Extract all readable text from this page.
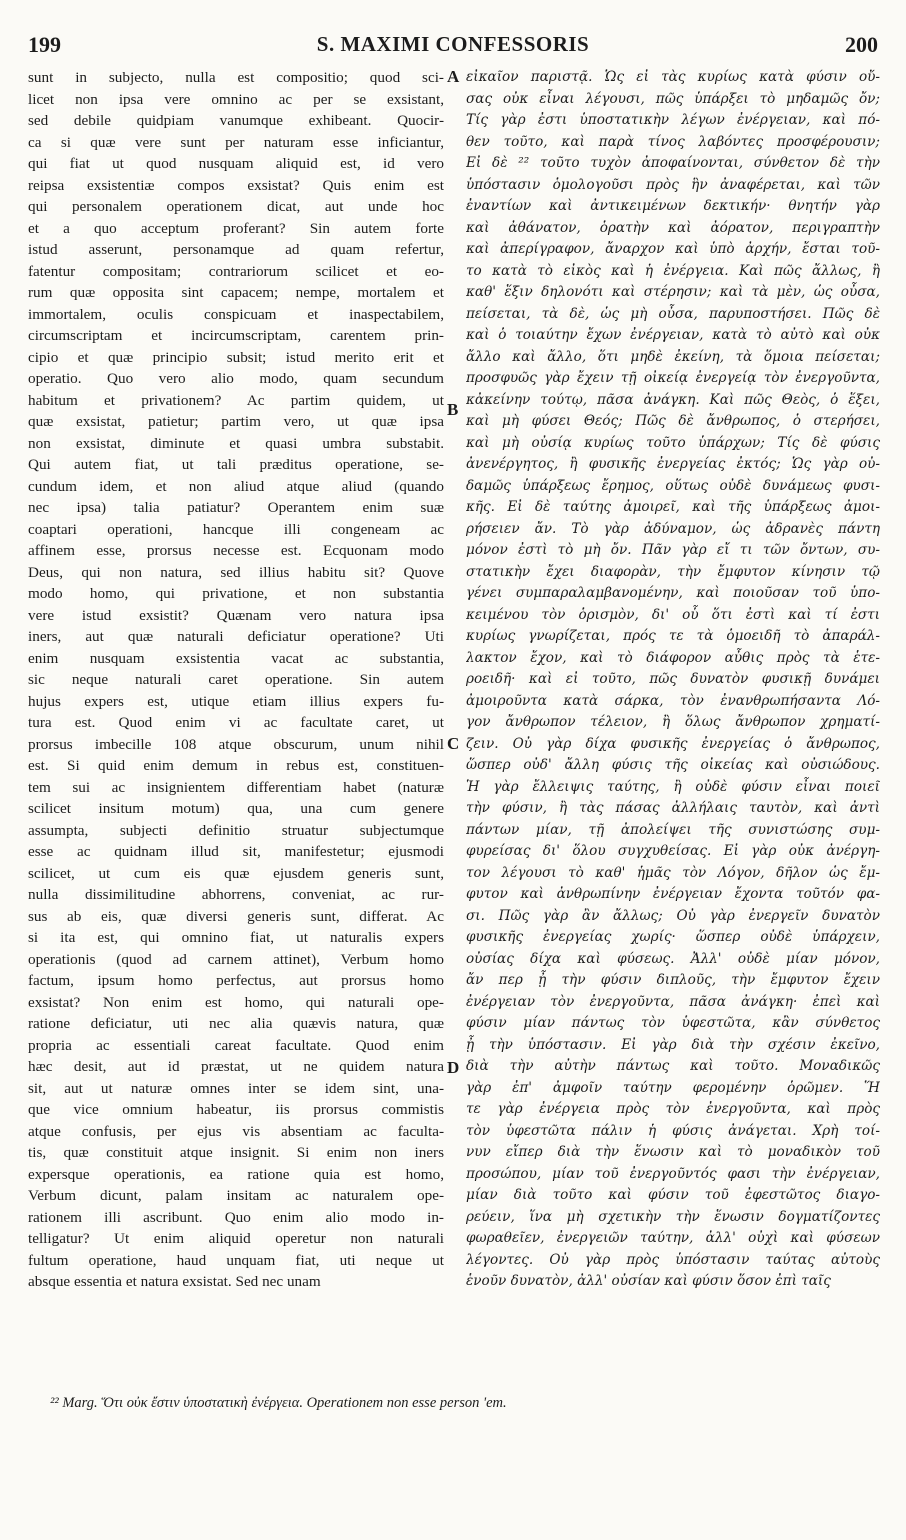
199	S. MAXIMI CONFESSORIS	200
sunt in subjecto, nulla est compositio; quod sci-
licet non ipsa vere omnino ac per se exsistant,
sed debile quidpiam vanumque exhibeant. Quocir-
ca si quæ vere sunt per naturam esse inficiantur,
qui fiat ut quod nusquam aliquid est, id vero
reipsa exsistentiæ compos exsistat? Quis enim est
qui personalem operationem dicat, aut unde hoc
et a quo acceptum proferant? Sin autem forte
istud asserunt, personamque ad quam refertur,
fatentur compositam; contrariorum scilicet et eo-
rum quæ opposita sint capacem; nempe, mortalem et
immortalem, oculis conspicuam et inaspectabilem,
circumscriptam et incircumscriptam, carentem prin-
cipio et quæ principio subsit; istud merito erit et
operatio. Quo vero alio modo, quam secundum
habitum et privationem? Ac partim quidem, ut
quæ exsistat, patietur; partim vero, ut quæ ipsa
non exsistat, diminute et quasi umbra substabit.
Qui autem fiat, ut tali præditus operatione, se-
cundum idem, et non aliud atque aliud (quando
nec ipsa) talia patiatur? Operantem enim suæ
coaptari operationi, hancque illi congeneam ac
affinem esse, prorsus necesse est. Ecquonam modo
Deus, qui non natura, sed illius habitu sit? Quove
modo homo, qui privatione, et non substantia
vere istud exsistit? Quænam vero natura ipsa
iners, aut quæ naturali deficiatur operatione? Uti
enim nusquam exsistentia vacat ac substantia,
sic neque naturali caret operatione. Sin autem
hujus expers est, utique etiam illius expers fu-
tura est. Quod enim vi ac facultate caret, ut
prorsus imbecille 108 atque obscurum, unum nihil
est. Si quid enim demum in rebus est, constituen-
tem sui ac insignientem differentiam habet (naturæ
scilicet insitum motum) qua, una cum genere
assumpta, subjecti definitio struatur subjectumque
esse ac quidnam illud sit, manifestetur; ejusmodi
scilicet, ut cum eis quæ ejusdem generis sunt,
nulla dissimilitudine abhorrens, conveniat, ac rur-
sus ab eis, quæ diversi generis sunt, differat. Ac
si ita est, qui omnino fiat, ut naturalis expers
operationis (quod ad carnem attinet), Verbum homo
factum, ipsum homo perfectus, aut prorsus homo
exsistat? Non enim est homo, qui naturali ope-
ratione deficiatur, uti nec alia quævis natura, quæ
propria ac essentiali careat facultate. Quod enim
hæc desit, aut id præstat, ut ne quidem natura
sit, aut ut naturæ omnes inter se idem sint, una-
que vice omnium habeatur, iis prorsus commistis
atque confusis, per ejus vis absentiam ac faculta-
tis, quæ constituit atque insignit. Si enim non iners
expersque operationis, ea ratione quia est homo,
Verbum dicunt, palam insitam ac naturalem ope-
rationem illi ascribunt. Quo enim alio modo in-
telligatur? Ut enim aliquid operetur non naturali
fultum operatione, haud unquam fiat, uti neque ut
absque essentia et natura exsistat. Sed nec unam
A
B
C
D
εἰκαῖον παριστᾷ. Ὡς εἰ τὰς κυρίως κατὰ φύσιν οὔ-
σας οὐκ εἶναι λέγουσι, πῶς ὑπάρξει τὸ μηδαμῶς ὄν;
Τίς γὰρ ἐστι ὑποστατικὴν λέγων ἐνέργειαν, καὶ πό-
θεν τοῦτο, καὶ παρὰ τίνος λαβόντες προσφέρουσιν;
Εἰ δὲ ²² τοῦτο τυχὸν ἀποφαίνονται, σύνθετον δὲ τὴν
ὑπόστασιν ὁμολογοῦσι πρὸς ἣν ἀναφέρεται, καὶ τῶν
ἐναντίων καὶ ἀντικειμένων δεκτικήν· θνητήν γὰρ
καὶ ἀθάνατον, ὁρατὴν καὶ ἀόρατον, περιγραπτὴν
καὶ ἀπερίγραφον, ἄναρχον καὶ ὑπὸ ἀρχήν, ἔσται τοῦ-
το κατὰ τὸ εἰκὸς καὶ ἡ ἐνέργεια. Καὶ πῶς ἄλλως, ἢ
καθ' ἕξιν δηλονότι καὶ στέρησιν; καὶ τὰ μὲν, ὡς οὖσα,
πείσεται, τὰ δὲ, ὡς μὴ οὖσα, παρυποστήσει. Πῶς δὲ
καὶ ὁ τοιαύτην ἔχων ἐνέργειαν, κατὰ τὸ αὐτὸ καὶ οὐκ
ἄλλο καὶ ἄλλο, ὅτι μηδὲ ἐκείνη, τὰ ὅμοια πείσεται;
προσφυῶς γὰρ ἔχειν τῇ οἰκείᾳ ἐνεργείᾳ τὸν ἐνεργοῦντα,
κἀκείνην τούτῳ, πᾶσα ἀνάγκη. Καὶ πῶς Θεὸς, ὁ ἕξει,
καὶ μὴ φύσει Θεός; Πῶς δὲ ἄνθρωπος, ὁ στερήσει,
καὶ μὴ οὐσίᾳ κυρίως τοῦτο ὑπάρχων; Τίς δὲ φύσις
ἀνενέργητος, ἢ φυσικῆς ἐνεργείας ἐκτός; Ὡς γὰρ οὐ-
δαμῶς ὑπάρξεως ἔρημος, οὕτως οὐδὲ δυνάμεως φυσι-
κῆς. Εἰ δὲ ταύτης ἀμοιρεῖ, καὶ τῆς ὑπάρξεως ἀμοι-
ρήσειεν ἄν. Τὸ γὰρ ἀδύναμον, ὡς ἀδρανὲς πάντη
μόνον ἐστὶ τὸ μὴ ὄν. Πᾶν γὰρ εἴ τι τῶν ὄντων, συ-
στατικὴν ἔχει διαφορὰν, τὴν ἔμφυτον κίνησιν τῷ
γένει συμπαραλαμβανομένην, καὶ ποιοῦσαν τοῦ ὑπο-
κειμένου τὸν ὁρισμὸν, δι' οὗ ὅτι ἐστὶ καὶ τί ἐστι
κυρίως γνωρίζεται, πρός τε τὰ ὁμοειδῆ τὸ ἀπαράλ-
λακτον ἔχον, καὶ τὸ διάφορον αὖθις πρὸς τὰ ἑτε-
ροειδῆ· καὶ εἰ τοῦτο, πῶς δυνατὸν φυσικῇ δυνάμει
ἀμοιροῦντα κατὰ σάρκα, τὸν ἐνανθρωπήσαντα Λό-
γον ἄνθρωπον τέλειον, ἢ ὅλως ἄνθρωπον χρηματί-
ζειν. Οὐ γὰρ δίχα φυσικῆς ἐνεργείας ὁ ἄνθρωπος,
ὥσπερ οὐδ' ἄλλη φύσις τῆς οἰκείας καὶ οὐσιώδους.
Ἡ γὰρ ἔλλειψις ταύτης, ἢ οὐδὲ φύσιν εἶναι ποιεῖ
τὴν φύσιν, ἢ τὰς πάσας ἀλλήλαις ταυτὸν, καὶ ἀντὶ
πάντων μίαν, τῇ ἀπολείψει τῆς συνιστώσης συμ-
φυρείσας δι' ὅλου συγχυθείσας. Εἰ γὰρ οὐκ ἀνέργη-
τον λέγουσι τὸ καθ' ἡμᾶς τὸν Λόγον, δῆλον ὡς ἔμ-
φυτον καὶ ἀνθρωπίνην ἐνέργειαν ἔχοντα τοῦτόν φα-
σι. Πῶς γὰρ ἂν ἄλλως; Οὐ γὰρ ἐνεργεῖν δυνατὸν
φυσικῆς ἐνεργείας χωρίς· ὥσπερ οὐδὲ ὑπάρχειν,
οὐσίας δίχα καὶ φύσεως. Ἀλλ' οὐδὲ μίαν μόνον,
ἄν περ ᾖ τὴν φύσιν διπλοῦς, τὴν ἔμφυτον ἔχειν
ἐνέργειαν τὸν ἐνεργοῦντα, πᾶσα ἀνάγκη· ἐπεὶ καὶ
φύσιν μίαν πάντως τὸν ὑφεστῶτα, κἂν σύνθετος
ᾖ τὴν ὑπόστασιν. Εἰ γὰρ διὰ τὴν σχέσιν ἐκεῖνο,
διὰ τὴν αὐτὴν πάντως καὶ τοῦτο. Μοναδικῶς
γὰρ ἐπ' ἀμφοῖν ταύτην φερομένην ὁρῶμεν. Ἥ
τε γὰρ ἐνέργεια πρὸς τὸν ἐνεργοῦντα, καὶ πρὸς
τὸν ὑφεστῶτα πάλιν ἡ φύσις ἀνάγεται. Χρὴ τοί-
νυν εἴπερ διὰ τὴν ἕνωσιν καὶ τὸ μοναδικὸν τοῦ
προσώπου, μίαν τοῦ ἐνεργοῦντός φασι τὴν ἐνέργειαν,
μίαν διὰ τοῦτο καὶ φύσιν τοῦ ἐφεστῶτος διαγο-
ρεύειν, ἵνα μὴ σχετικὴν τὴν ἕνωσιν δογματίζοντες
φωραθεῖεν, ἐνεργειῶν ταύτην, ἀλλ' οὐχὶ καὶ φύσεων
λέγοντες. Οὐ γὰρ πρὸς ὑπόστασιν ταύτας αὐτοὺς
ἑνοῦν δυνατὸν, ἀλλ' οὐσίαν καὶ φύσιν ὅσον ἐπὶ ταῖς
²² Marg. Ὅτι οὐκ ἔστιν ὑποστατικὴ ἐνέργεια. Operationem non esse person 'em.
